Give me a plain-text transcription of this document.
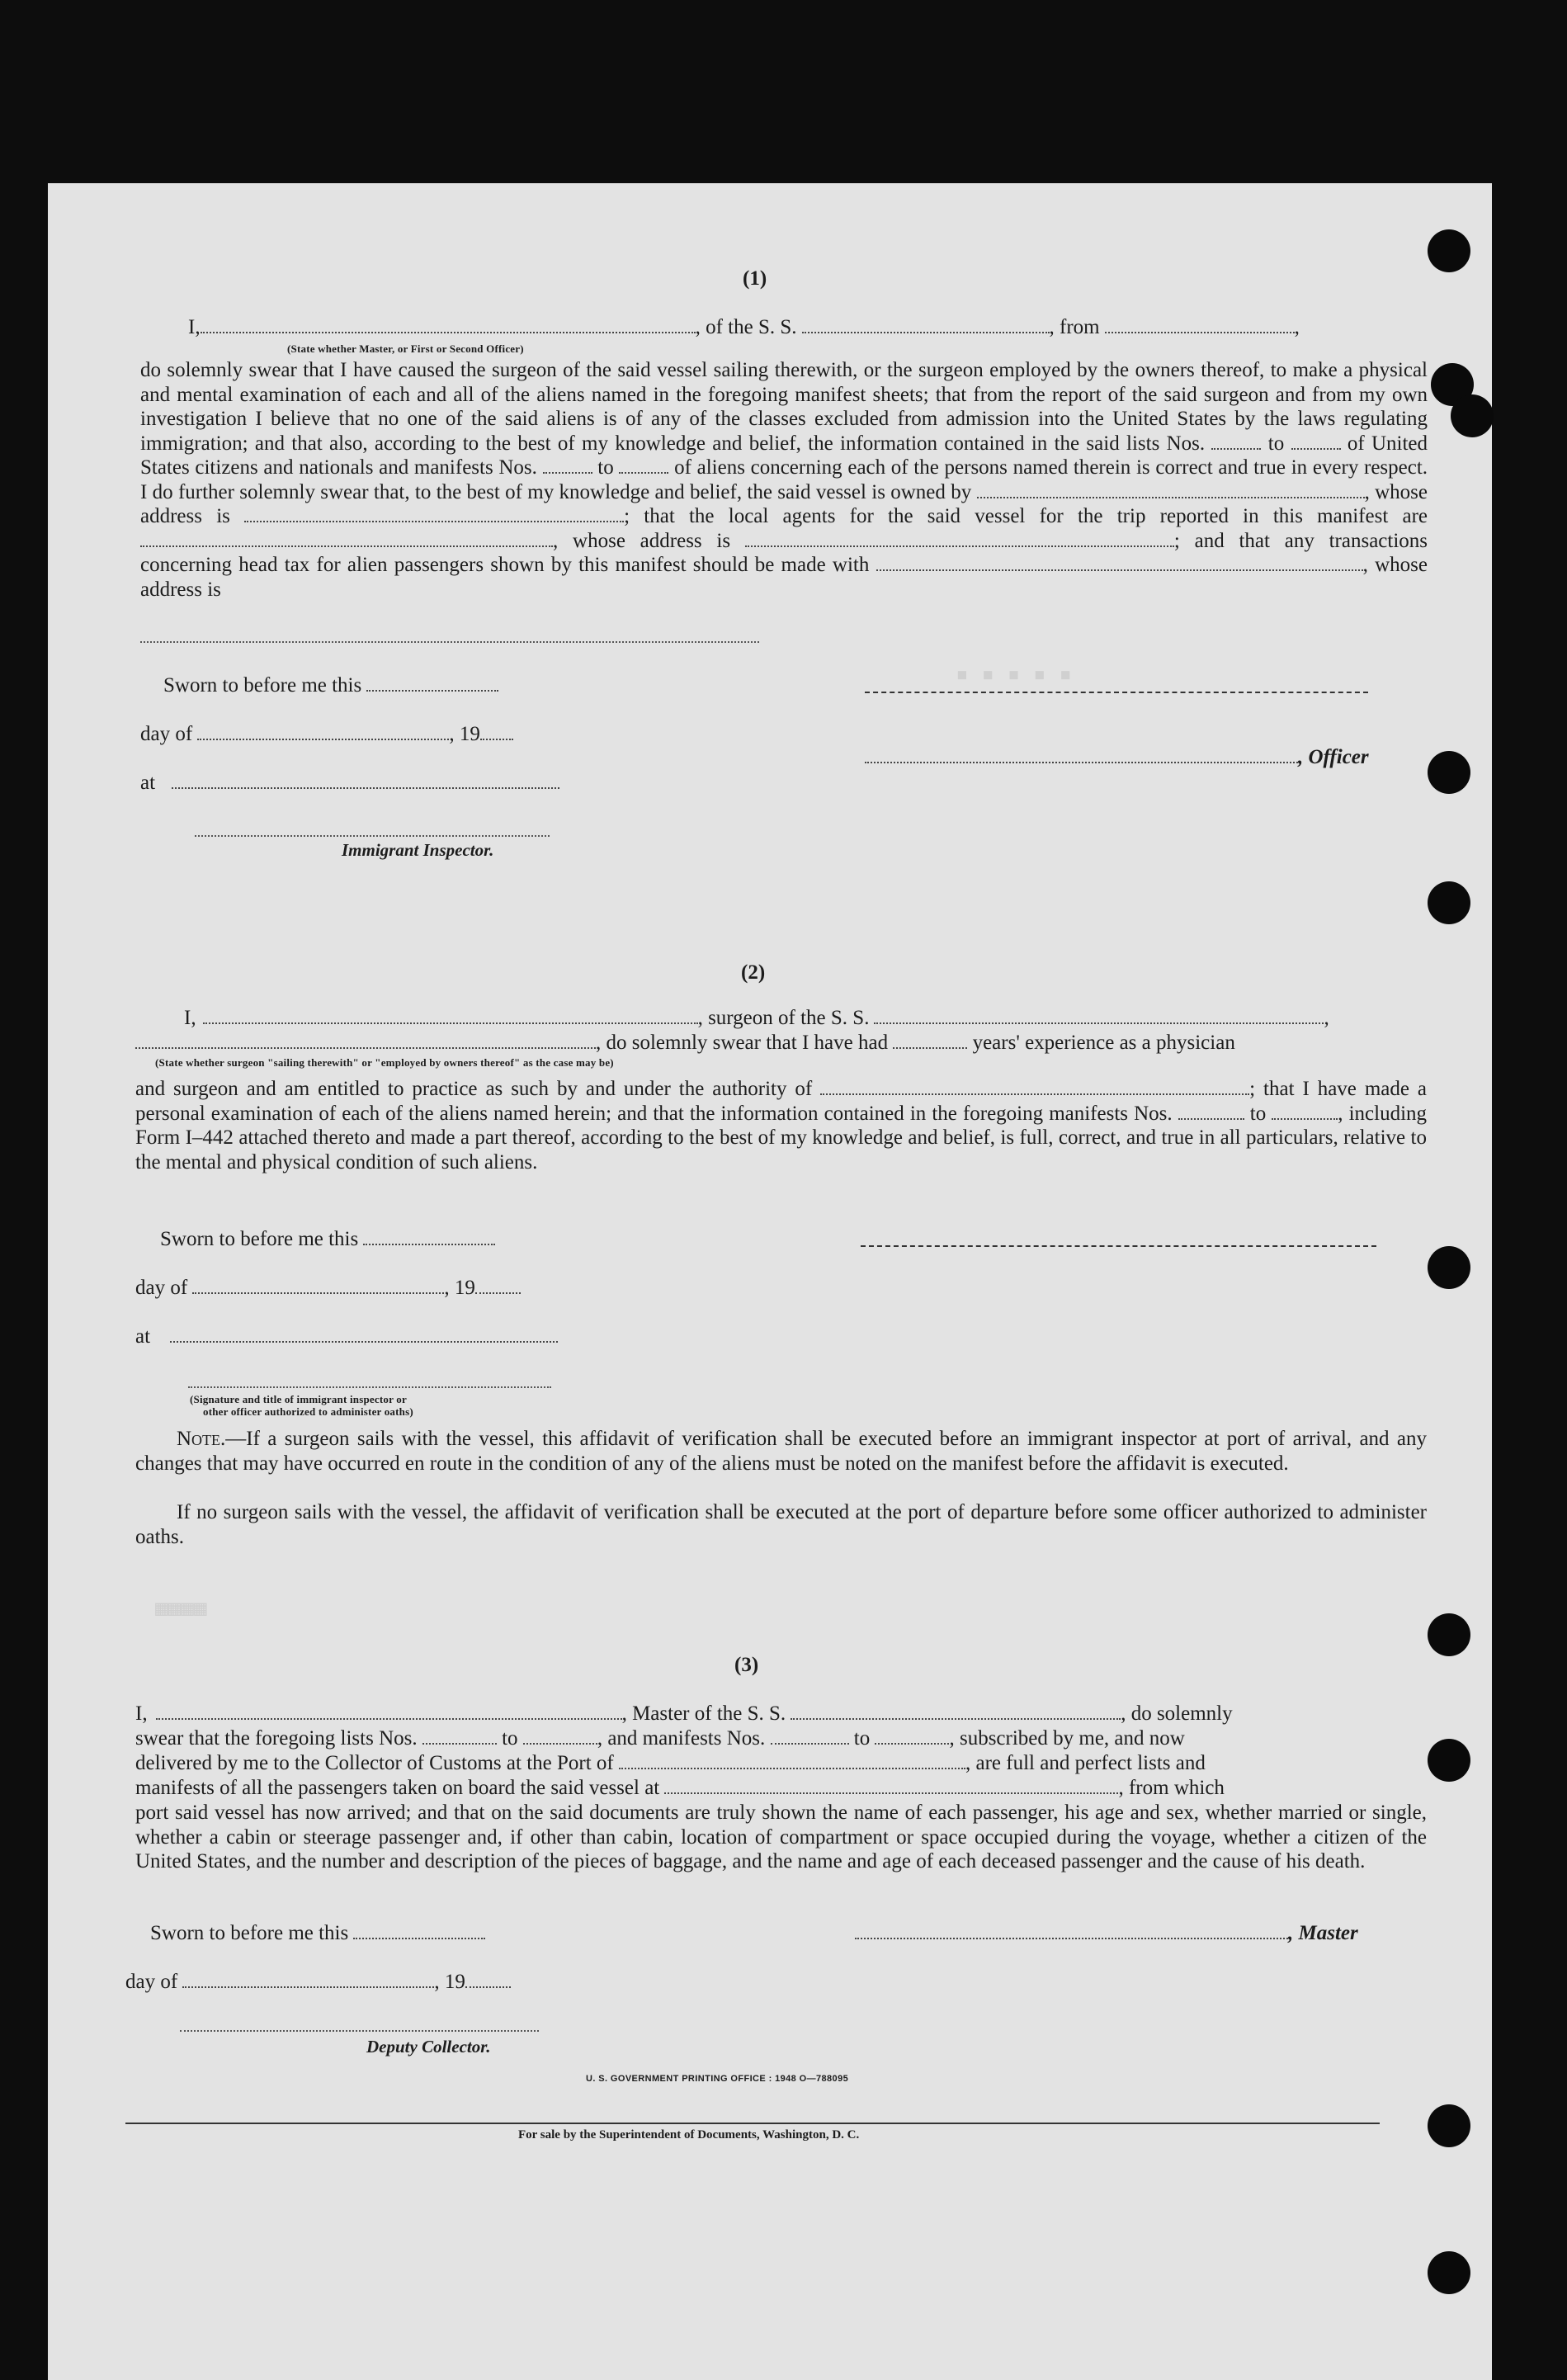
(1)
I,	, of the S. S.	, from	,
(State whether Master, or First or Second Officer)
do solemnly swear that I have caused the surgeon of the said vessel sailing therewith, or the surgeon employed by the owners thereof, to make a physical and mental examination of each and all of the aliens named in the foregoing manifest sheets; that from the report of the said surgeon and from my own investigation I believe that no one of the said aliens is of any of the classes excluded from admission into the United States by the laws regulating immigration; and that also, according to the best of my knowledge and belief, the information contained in the said lists Nos.	to	of United States citizens and nationals and manifests Nos.	to	of aliens concerning each of the persons named therein is correct and true in every respect. I do further solemnly swear that, to the best of my knowledge and belief, the said vessel is owned by	, whose address is	; that the local agents for the said vessel for the trip reported in this manifest are , whose address is	; and that any transactions concerning head tax for alien passengers shown by this manifest should be made with	, whose address is
Sworn to before me this
day of	, 19
at
Immigrant Inspector.
, Officer
(2)
I,	, surgeon of the S. S.	,
, do solemnly swear that I have had	years' experience as a physician
(State whether surgeon "sailing therewith" or "employed by owners thereof" as the case may be)
and surgeon and am entitled to practice as such by and under the authority of	; that I have made a personal examination of each of the aliens named herein; and that the information contained in the foregoing manifests Nos.	to	, including Form I–442 attached thereto and made a part thereof, according to the best of my knowledge and belief, is full, correct, and true in all particulars, relative to the mental and physical condition of such aliens.
Sworn to before me this
day of	, 19
at
(Signature and title of immigrant inspector or
other officer authorized to administer oaths)
Note.—If a surgeon sails with the vessel, this affidavit of verification shall be executed before an immigrant inspector at port of arrival, and any changes that may have occurred en route in the condition of any of the aliens must be noted on the manifest before the affidavit is executed.
If no surgeon sails with the vessel, the affidavit of verification shall be executed at the port of departure before some officer authorized to administer oaths.
(3)
I,	, Master of the S. S.	, do solemnly
swear that the foregoing lists Nos.	to	, and manifests Nos.	to	, subscribed by me, and now
delivered by me to the Collector of Customs at the Port of	, are full and perfect lists and
manifests of all the passengers taken on board the said vessel at	, from which
port said vessel has now arrived; and that on the said documents are truly shown the name of each passenger, his age and sex, whether married or single, whether a cabin or steerage passenger and, if other than cabin, location of compartment or space occupied during the voyage, whether a citizen of the United States, and the number and description of the pieces of baggage, and the name and age of each deceased passenger and the cause of his death.
Sworn to before me this
day of	, 19
, Master
Deputy Collector.
U. S. GOVERNMENT PRINTING OFFICE : 1948 O—788095
For sale by the Superintendent of Documents, Washington, D. C.
▦▦▦▦
▪ ▪ ▪ ▪ ▪
